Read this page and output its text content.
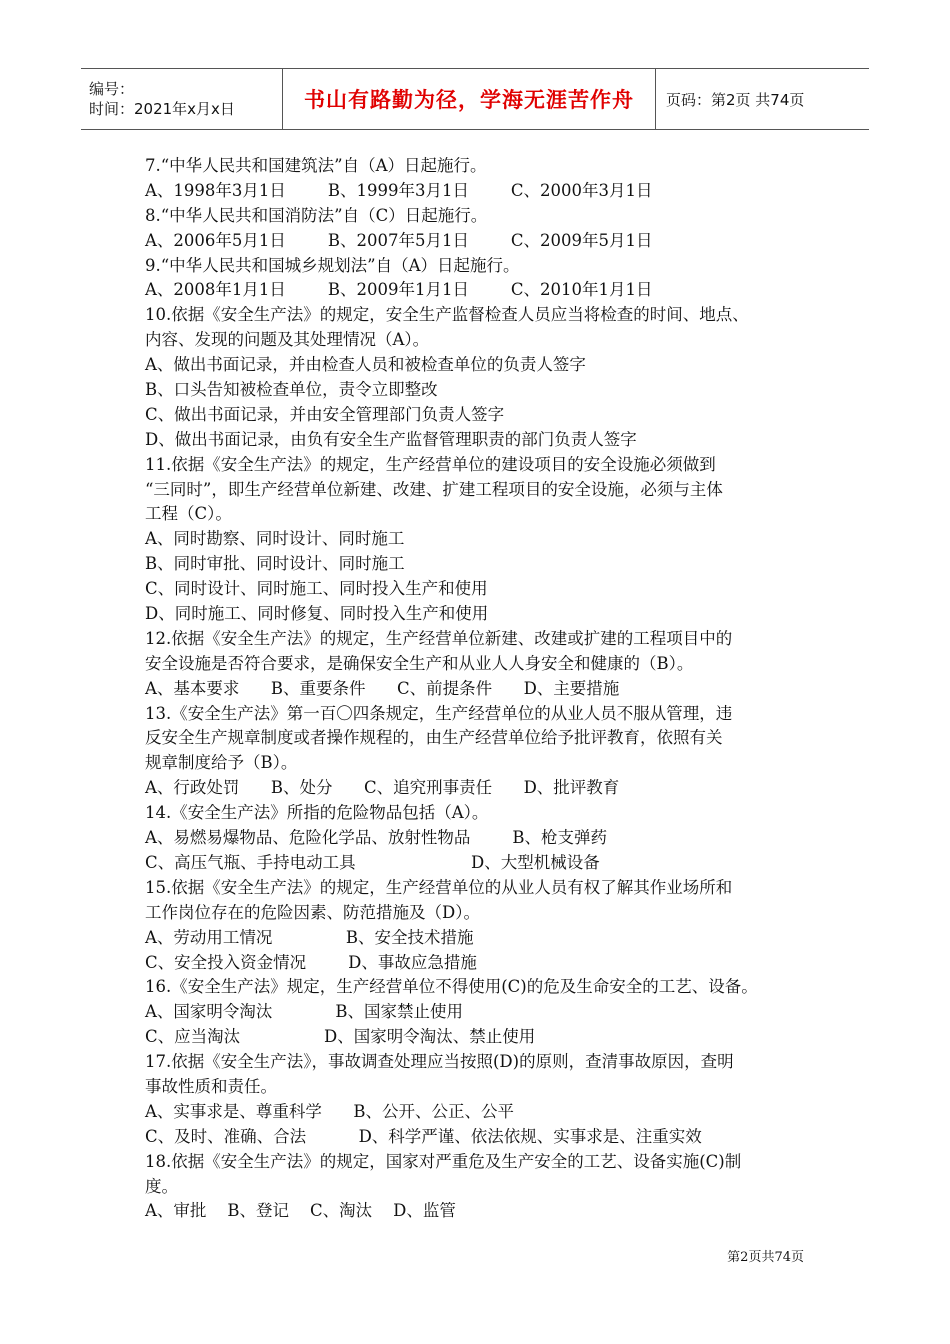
编号：
时间：2021年x月x日	书山有路勤为径，学海无涯苦作舟 页码：第2页 共74页
7.“中华人民共和国建筑法”自（A）日起施行。
A、1998年3月1日        B、1999年3月1日        C、2000年3月1日
8.“中华人民共和国消防法”自（C）日起施行。
A、2006年5月1日        B、2007年5月1日        C、2009年5月1日
9.“中华人民共和国城乡规划法”自（A）日起施行。
A、2008年1月1日        B、2009年1月1日        C、2010年1月1日
10.依据《安全生产法》的规定，安全生产监督检查人员应当将检查的时间、地点、
内容、发现的问题及其处理情况（A）。
A、做出书面记录，并由检查人员和被检查单位的负责人签字
B、口头告知被检查单位，责令立即整改
C、做出书面记录，并由安全管理部门负责人签字
D、做出书面记录，由负有安全生产监督管理职责的部门负责人签字
11.依据《安全生产法》的规定，生产经营单位的建设项目的安全设施必须做到
“三同时”，即生产经营单位新建、改建、扩建工程项目的安全设施，必须与主体
工程（C）。
A、同时勘察、同时设计、同时施工
B、同时审批、同时设计、同时施工
C、同时设计、同时施工、同时投入生产和使用
D、同时施工、同时修复、同时投入生产和使用
12.依据《安全生产法》的规定，生产经营单位新建、改建或扩建的工程项目中的
安全设施是否符合要求，是确保安全生产和从业人人身安全和健康的（B）。
A、基本要求      B、重要条件      C、前提条件      D、主要措施
13.《安全生产法》第一百〇四条规定，生产经营单位的从业人员不服从管理，违
反安全生产规章制度或者操作规程的，由生产经营单位给予批评教育，依照有关
规章制度给予（B）。
A、行政处罚      B、处分      C、追究刑事责任      D、批评教育
14.《安全生产法》所指的危险物品包括（A）。
A、易燃易爆物品、危险化学品、放射性物品        B、枪支弹药
C、高压气瓶、手持电动工具                      D、大型机械设备
15.依据《安全生产法》的规定，生产经营单位的从业人员有权了解其作业场所和
工作岗位存在的危险因素、防范措施及（D）。
A、劳动用工情况              B、安全技术措施
C、安全投入资金情况        D、事故应急措施
16.《安全生产法》规定，生产经营单位不得使用(C)的危及生命安全的工艺、设备。
A、国家明令淘汰            B、国家禁止使用
C、应当淘汰                D、国家明令淘汰、禁止使用
17.依据《安全生产法》，事故调查处理应当按照(D)的原则，查清事故原因，查明
事故性质和责任。
A、实事求是、尊重科学      B、公开、公正、公平
C、及时、准确、合法          D、科学严谨、依法依规、实事求是、注重实效
18.依据《安全生产法》的规定，国家对严重危及生产安全的工艺、设备实施(C)制
度。
A、审批    B、登记    C、淘汰    D、监管
第2页共74页
